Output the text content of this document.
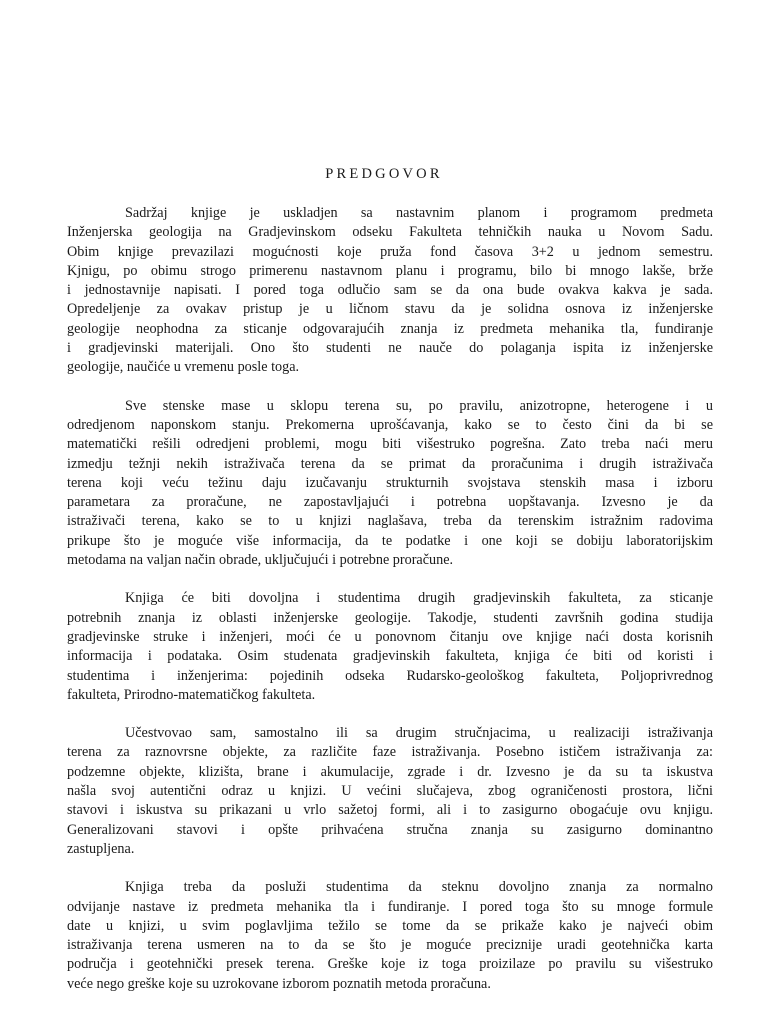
PREDGOVOR

Sadržaj knjige je uskladjen sa nastavnim planom i programom predmeta
Inženjerska geologija na Gradjevinskom odseku Fakulteta tehničkih nauka u Novom Sadu.
Obim knjige prevazilazi mogućnosti koje pruža fond časova 3+2 u jednom semestru.
Kjnigu, po obimu strogo primerenu nastavnom planu i programu, bilo bi mnogo lakše, brže
i jednostavnije napisati. I pored toga odlučio sam se da ona bude ovakva kakva je sada.
Opredeljenje za ovakav pristup je u ličnom stavu da je solidna osnova iz inženjerske
geologije neophodna za sticanje odgovarajućih znanja iz predmeta mehanika tla, fundiranje
i gradjevinski materijali. Ono što studenti ne nauče do polaganja ispita iz inženjerske
geologije, naučiće u vremenu posle toga.

Sve stenske mase u sklopu terena su, po pravilu, anizotropne, heterogene i u
odredjenom naponskom stanju. Prekomerna uprošćavanja, kako se to često čini da bi se
matematički rešili odredjeni problemi, mogu biti višestruko pogrešna. Zato treba naći meru
izmedju težnji nekih istraživača terena da se primat da proračunima i drugih istraživača
terena koji veću težinu daju izučavanju strukturnih svojstava stenskih masa i izboru
parametara za proračune, ne zapostavljajući i potrebna uopštavanja. Izvesno je da
istraživači terena, kako se to u knjizi naglašava, treba da terenskim istražnim radovima
prikupe što je moguće više informacija, da te podatke i one koji se dobiju laboratorijskim
metodama na valjan način obrade, uključujući i potrebne proračune.

Knjiga će biti dovoljna i studentima drugih gradjevinskih fakulteta, za sticanje
potrebnih znanja iz oblasti inženjerske geologije. Takodje, studenti završnih godina studija
gradjevinske struke i inženjeri, moći će u ponovnom čitanju ove knjige naći dosta korisnih
informacija i podataka. Osim studenata gradjevinskih fakulteta, knjiga će biti od koristi i
studentima i inženjerima: pojedinih odseka Rudarsko-geološkog fakulteta, Poljoprivrednog
fakulteta, Prirodno-matematičkog fakulteta.

Učestvovao sam, samostalno ili sa drugim stručnjacima, u realizaciji istraživanja
terena za raznovrsne objekte, za različite faze istraživanja. Posebno ističem istraživanja za:
podzemne objekte, klizišta, brane i akumulacije, zgrade i dr. Izvesno je da su ta iskustva
našla svoj autentični odraz u knjizi. U većini slučajeva, zbog ograničenosti prostora, lični
stavovi i iskustva su prikazani u vrlo sažetoj formi, ali i to zasigurno obogaćuje ovu knjigu.
Generalizovani stavovi i opšte prihvaćena stručna znanja su zasigurno dominantno
zastupljena.

Knjiga treba da posluži studentima da steknu dovoljno znanja za normalno
odvijanje nastave iz predmeta mehanika tla i fundiranje. I pored toga što su mnoge formule
date u knjizi, u svim poglavljima težilo se tome da se prikaže kako je najveći obim
istraživanja terena usmeren na to da se što je moguće preciznije uradi geotehnička karta
područja i geotehnički presek terena. Greške koje iz toga proizilaze po pravilu su višestruko
veće nego greške koje su uzrokovane izborom poznatih metoda proračuna.
